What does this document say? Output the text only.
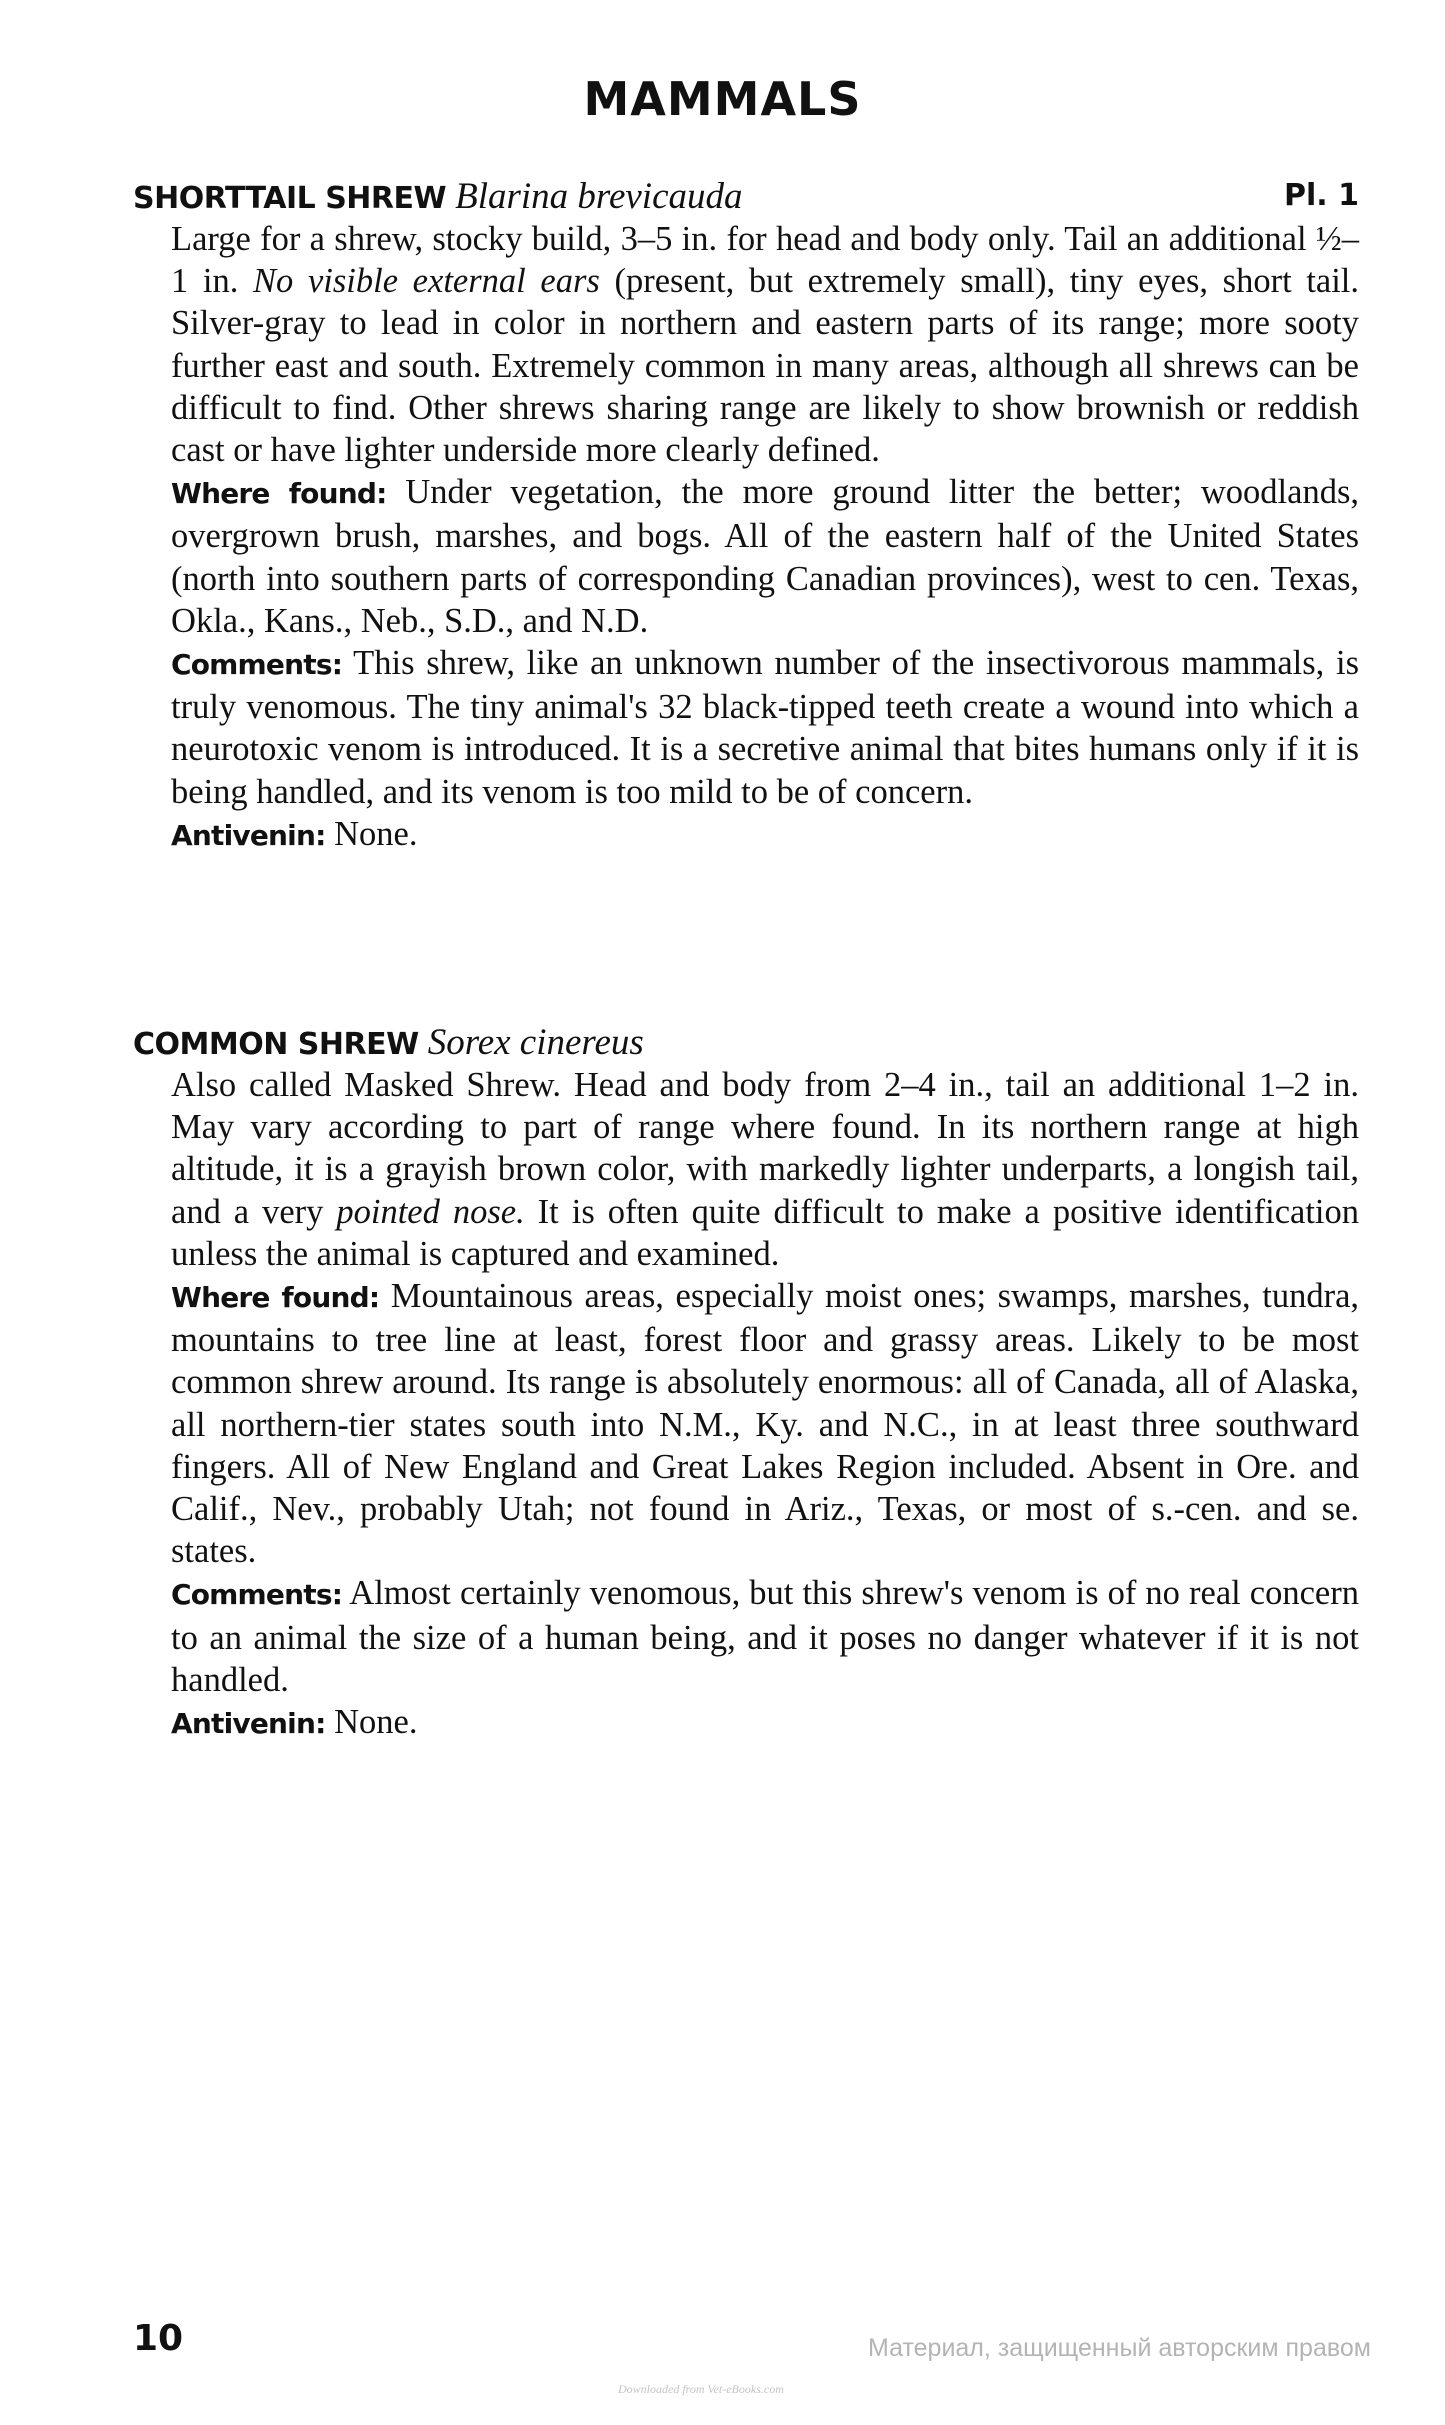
MAMMALS
SHORTTAIL SHREW Blarina brevicauda	Pl. 1

Large for a shrew, stocky build, 3–5 in. for head and body only. Tail an additional ½–1 in. No visible external ears (present, but extremely small), tiny eyes, short tail. Silver-gray to lead in color in northern and eastern parts of its range; more sooty further east and south. Extremely common in many areas, although all shrews can be difficult to find. Other shrews sharing range are likely to show brownish or reddish cast or have lighter underside more clearly defined.

Where found: Under vegetation, the more ground litter the better; woodlands, overgrown brush, marshes, and bogs. All of the eastern half of the United States (north into southern parts of corresponding Canadian provinces), west to cen. Texas, Okla., Kans., Neb., S.D., and N.D.

Comments: This shrew, like an unknown number of the insectivorous mammals, is truly venomous. The tiny animal's 32 black-tipped teeth create a wound into which a neurotoxic venom is introduced. It is a secretive animal that bites humans only if it is being handled, and its venom is too mild to be of concern.

Antivenin: None.

COMMON SHREW Sorex cinereus

Also called Masked Shrew. Head and body from 2–4 in., tail an additional 1–2 in. May vary according to part of range where found. In its northern range at high altitude, it is a grayish brown color, with markedly lighter underparts, a longish tail, and a very pointed nose. It is often quite difficult to make a positive identification unless the animal is captured and examined.

Where found: Mountainous areas, especially moist ones; swamps, marshes, tundra, mountains to tree line at least, forest floor and grassy areas. Likely to be most common shrew around. Its range is absolutely enormous: all of Canada, all of Alaska, all northern-tier states south into N.M., Ky. and N.C., in at least three southward fingers. All of New England and Great Lakes Region included. Absent in Ore. and Calif., Nev., probably Utah; not found in Ariz., Texas, or most of s.-cen. and se. states.

Comments: Almost certainly venomous, but this shrew's venom is of no real concern to an animal the size of a human being, and it poses no danger whatever if it is not handled.

Antivenin: None.

10	Материал, защищенный авторским правом
Downloaded from Vet-eBooks.com
